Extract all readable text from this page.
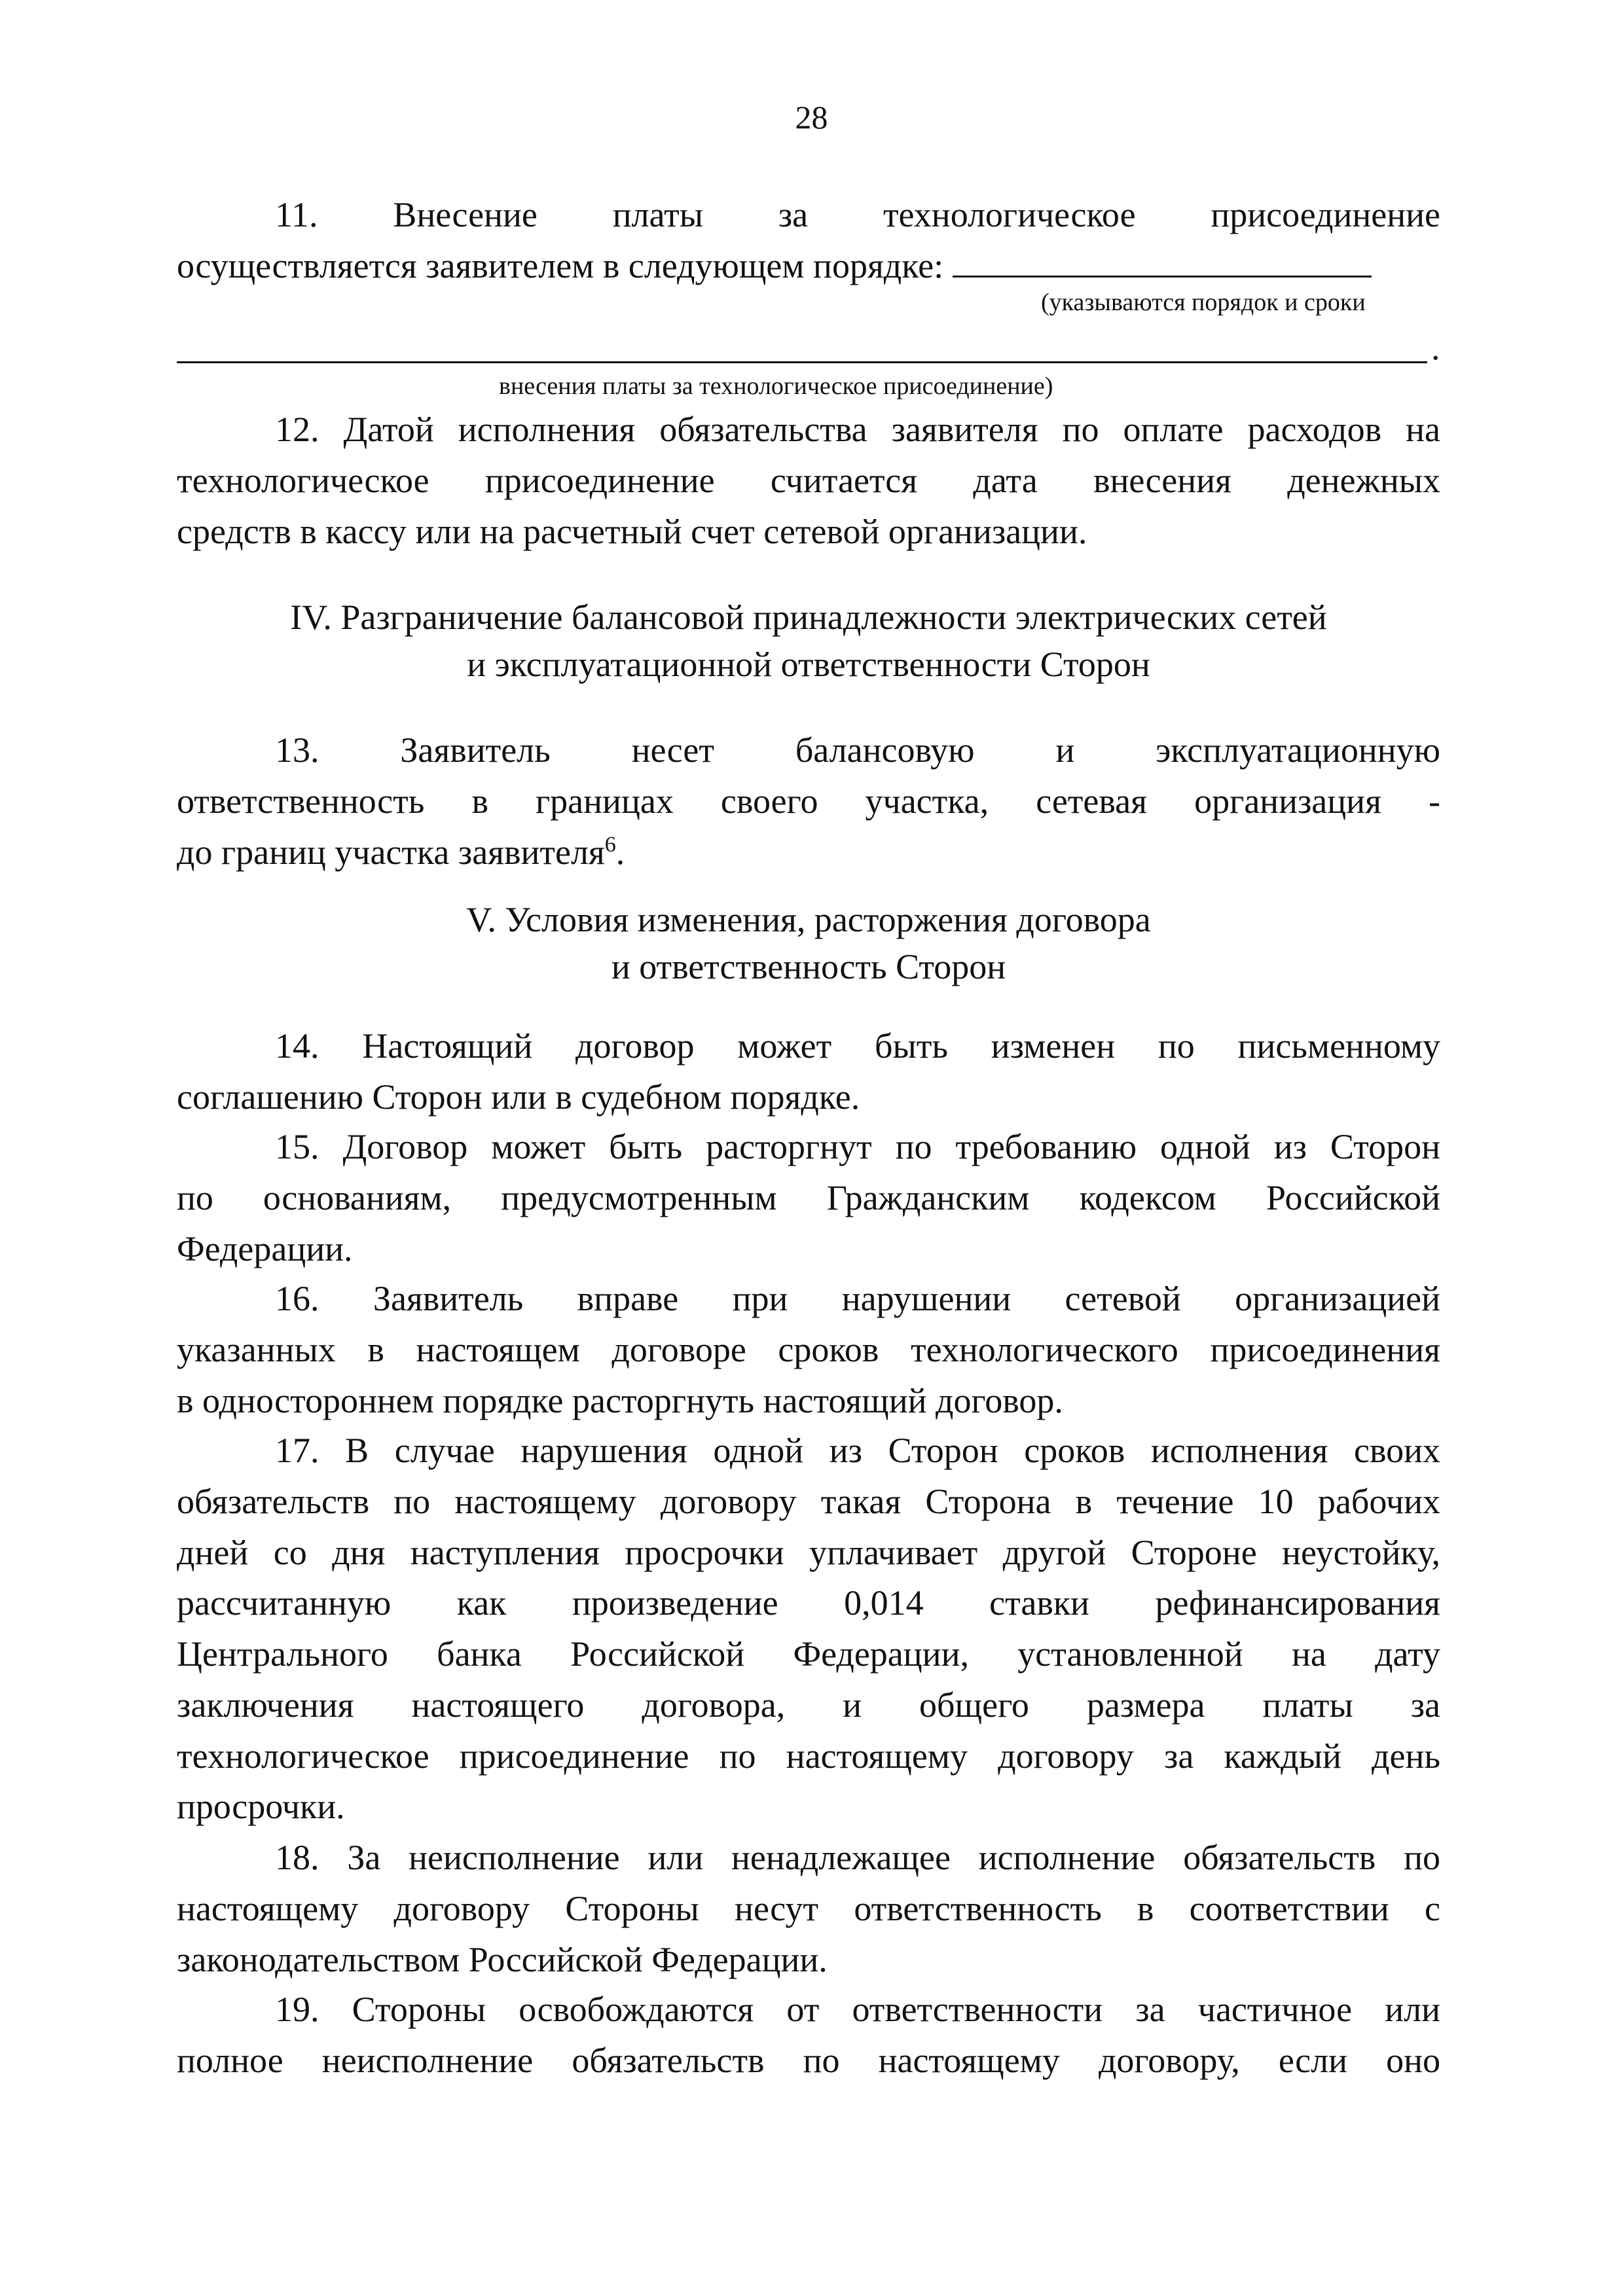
28
11. Внесение платы за технологическое присоединение
осуществляется заявителем в следующем порядке:
(указываются порядок и сроки
.
внесения платы за технологическое присоединение)
12. Датой исполнения обязательства заявителя по оплате расходов на
технологическое присоединение считается дата внесения денежных
средств в кассу или на расчетный счет сетевой организации.
IV. Разграничение балансовой принадлежности электрических сетей
и эксплуатационной ответственности Сторон
13. Заявитель несет балансовую и эксплуатационную
ответственность в границах своего участка, сетевая организация -
до границ участка заявителя$^6$.
V. Условия изменения, расторжения договора
и ответственность Сторон
14. Настоящий договор может быть изменен по письменному
соглашению Сторон или в судебном порядке.
15. Договор может быть расторгнут по требованию одной из Сторон
по основаниям, предусмотренным Гражданским кодексом Российской
Федерации.
16. Заявитель вправе при нарушении сетевой организацией
указанных в настоящем договоре сроков технологического присоединения
в одностороннем порядке расторгнуть настоящий договор.
17. В случае нарушения одной из Сторон сроков исполнения своих
обязательств по настоящему договору такая Сторона в течение 10 рабочих
дней со дня наступления просрочки уплачивает другой Стороне неустойку,
рассчитанную как произведение 0,014 ставки рефинансирования
Центрального банка Российской Федерации, установленной на дату
заключения настоящего договора, и общего размера платы за
технологическое присоединение по настоящему договору за каждый день
просрочки.
18. За неисполнение или ненадлежащее исполнение обязательств по
настоящему договору Стороны несут ответственность в соответствии с
законодательством Российской Федерации.
19. Стороны освобождаются от ответственности за частичное или
полное неисполнение обязательств по настоящему договору, если оно
